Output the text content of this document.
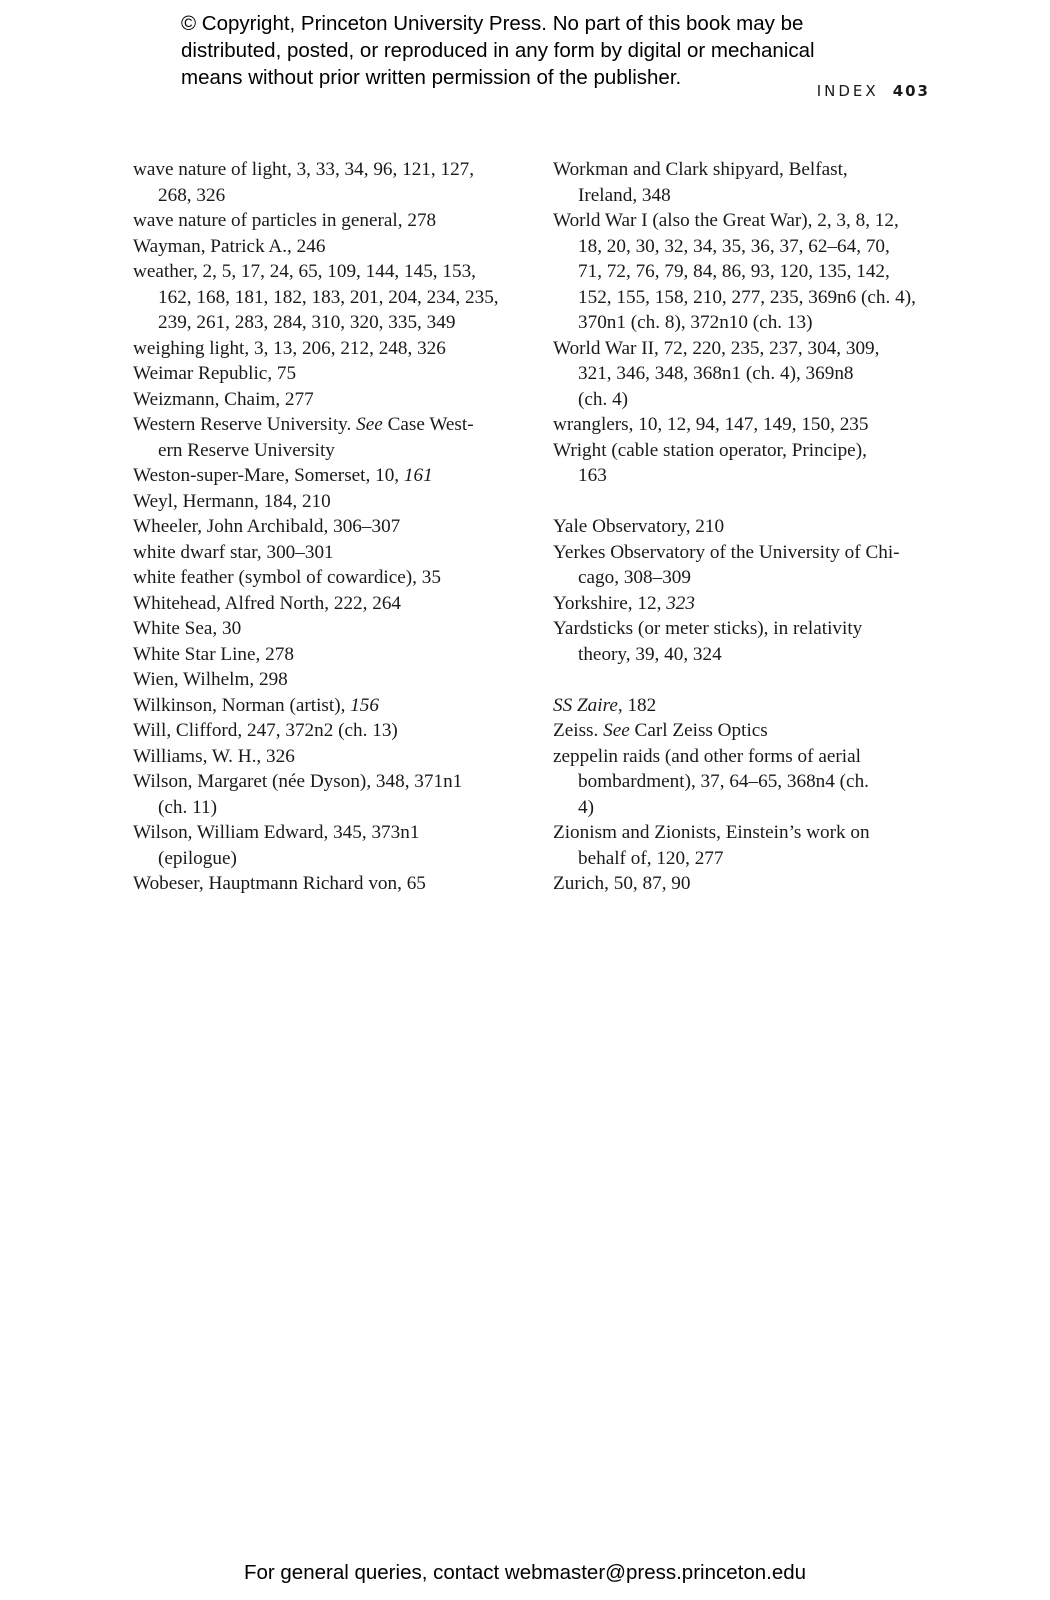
© Copyright, Princeton University Press. No part of this book may be
distributed, posted, or reproduced in any form by digital or mechanical
means without prior written permission of the publisher.
INDEX 403
wave nature of light, 3, 33, 34, 96, 121, 127,
268, 326
wave nature of particles in general, 278
Wayman, Patrick A., 246
weather, 2, 5, 17, 24, 65, 109, 144, 145, 153,
162, 168, 181, 182, 183, 201, 204, 234, 235,
239, 261, 283, 284, 310, 320, 335, 349
weighing light, 3, 13, 206, 212, 248, 326
Weimar Republic, 75
Weizmann, Chaim, 277
Western Reserve University. See Case West-
ern Reserve University
Weston-super-Mare, Somerset, 10, 161
Weyl, Hermann, 184, 210
Wheeler, John Archibald, 306–307
white dwarf star, 300–301
white feather (symbol of cowardice), 35
Whitehead, Alfred North, 222, 264
White Sea, 30
White Star Line, 278
Wien, Wilhelm, 298
Wilkinson, Norman (artist), 156
Will, Clifford, 247, 372n2 (ch. 13)
Williams, W. H., 326
Wilson, Margaret (née Dyson), 348, 371n1
(ch. 11)
Wilson, William Edward, 345, 373n1
(epilogue)
Wobeser, Hauptmann Richard von, 65
Workman and Clark shipyard, Belfast,
Ireland, 348
World War I (also the Great War), 2, 3, 8, 12,
18, 20, 30, 32, 34, 35, 36, 37, 62–64, 70,
71, 72, 76, 79, 84, 86, 93, 120, 135, 142,
152, 155, 158, 210, 277, 235, 369n6 (ch. 4),
370n1 (ch. 8), 372n10 (ch. 13)
World War II, 72, 220, 235, 237, 304, 309,
321, 346, 348, 368n1 (ch. 4), 369n8
(ch. 4)
wranglers, 10, 12, 94, 147, 149, 150, 235
Wright (cable station operator, Principe),
163
Yale Observatory, 210
Yerkes Observatory of the University of Chi-
cago, 308–309
Yorkshire, 12, 323
Yardsticks (or meter sticks), in relativity
theory, 39, 40, 324
SS Zaire, 182
Zeiss. See Carl Zeiss Optics
zeppelin raids (and other forms of aerial
bombardment), 37, 64–65, 368n4 (ch.
4)
Zionism and Zionists, Einstein’s work on
behalf of, 120, 277
Zurich, 50, 87, 90
For general queries, contact webmaster@press.princeton.edu
